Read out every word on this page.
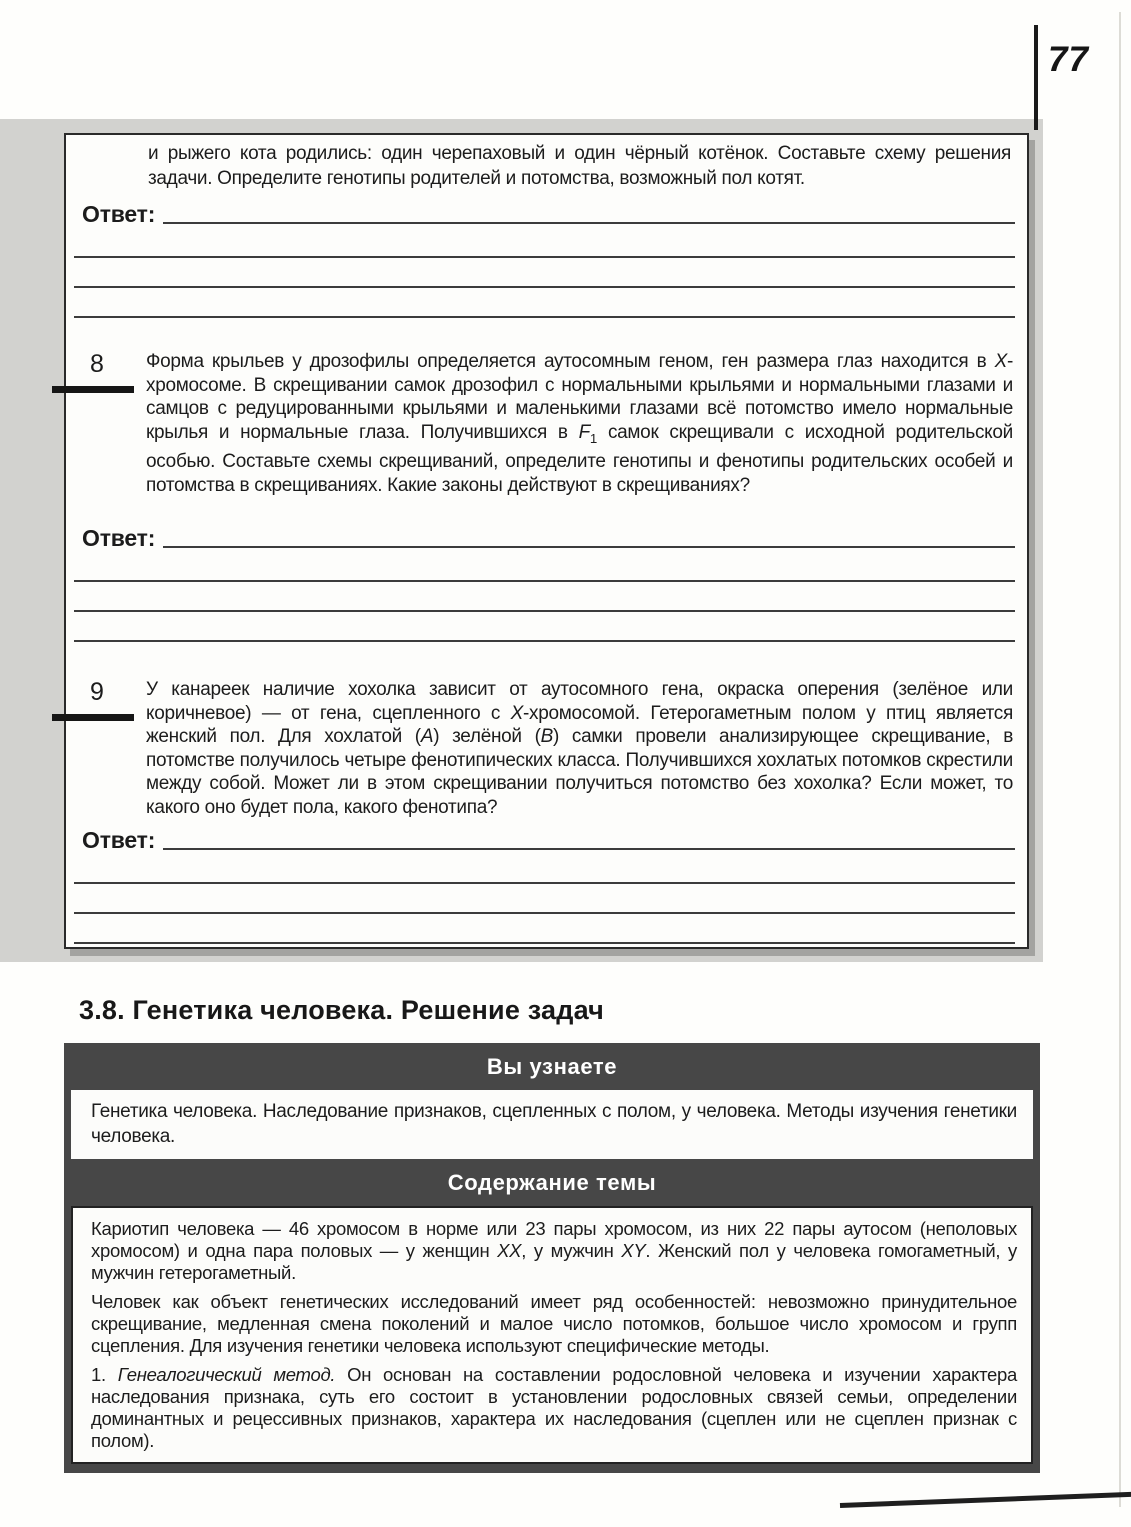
77

и рыжего кота родились: один черепаховый и один чёрный котёнок. Составьте схему решения задачи. Определите генотипы родителей и потомства, возможный пол котят.

Ответ:

8	Форма крыльев у дрозофилы определяется аутосомным геном, ген размера глаз находится в X-хромосоме. В скрещивании самок дрозофил с нормальными крыльями и нормальными глазами и самцов с редуцированными крыльями и маленькими глазами всё потомство имело нормальные крылья и нормальные глаза. Получившихся в $F_1$ самок скрещивали с исходной родительской особью. Составьте схемы скрещиваний, определите генотипы и фенотипы родительских особей и потомства в скрещиваниях. Какие законы действуют в скрещиваниях?

Ответ:

9	У канареек наличие хохолка зависит от аутосомного гена, окраска оперения (зелёное или коричневое) — от гена, сцепленного с X-хромосомой. Гетерогаметным полом у птиц является женский пол. Для хохлатой (A) зелёной (B) самки провели анализирующее скрещивание, в потомстве получилось четыре фенотипических класса. Получившихся хохлатых потомков скрестили между собой. Может ли в этом скрещивании получиться потомство без хохолка? Если может, то какого оно будет пола, какого фенотипа?

Ответ:
3.8. Генетика человека. Решение задач
Вы узнаете

Генетика человека. Наследование признаков, сцепленных с полом, у человека. Методы изучения генетики человека.

Содержание темы

Кариотип человека — 46 хромосом в норме или 23 пары хромосом, из них 22 пары аутосом (неполовых хромосом) и одна пара половых — у женщин XX, у мужчин XY. Женский пол у человека гомогаметный, у мужчин гетерогаметный.

Человек как объект генетических исследований имеет ряд особенностей: невозможно принудительное скрещивание, медленная смена поколений и малое число потомков, большое число хромосом и групп сцепления. Для изучения генетики человека используют специфические методы.

1. Генеалогический метод. Он основан на составлении родословной человека и изучении характера наследования признака, суть его состоит в установлении родословных связей семьи, определении доминантных и рецессивных признаков, характера их наследования (сцеплен или не сцеплен признак с полом).
